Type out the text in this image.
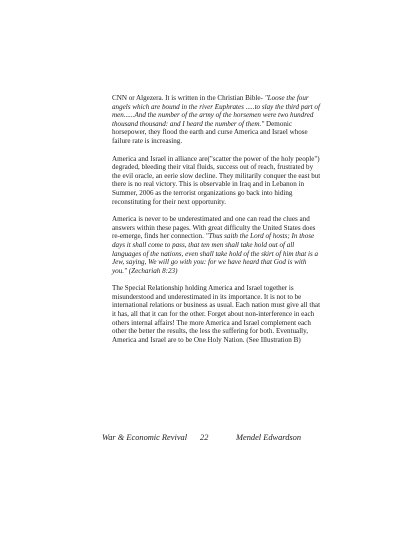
CNN or Algezera. It is written in the Christian Bible- "Loose the four angels which are bound in the river Euphrates .....to slay the third part of men......And the number of the army of the horsemen were two hundred thousand thousand: and I heard the number of them." Demonic horsepower, they flood the earth and curse America and Israel whose failure rate is increasing.

America and Israel in alliance are("scatter the power of the holy people") degraded, bleeding their vital fluids, success out of reach, frustrated by the evil oracle, an eerie slow decline. They militarily conquer the east but there is no real victory. This is observable in Iraq and in Lebanon in Summer, 2006 as the terrorist organizations go back into hiding reconstituting for their next opportunity.

America is never to be underestimated and one can read the clues and answers within these pages. With great difficulty the United States does re-emerge, finds her connection. "Thus saith the Lord of hosts; In those days it shall come to pass, that ten men shall take hold out of all languages of the nations, even shall take hold of the skirt of him that is a Jew, saying, We will go with you: for we have heard that God is with you." (Zechariah 8:23)

The Special Relationship holding America and Israel together is misunderstood and underestimated in its importance. It is not to be international relations or business as usual. Each nation must give all that it has, all that it can for the other. Forget about non-interference in each others internal affairs! The more America and Israel complement each other the better the results, the less the suffering for both. Eventually, America and Israel are to be One Holy Nation. (See Illustration B)

War & Economic Revival 22	Mendel Edwardson
